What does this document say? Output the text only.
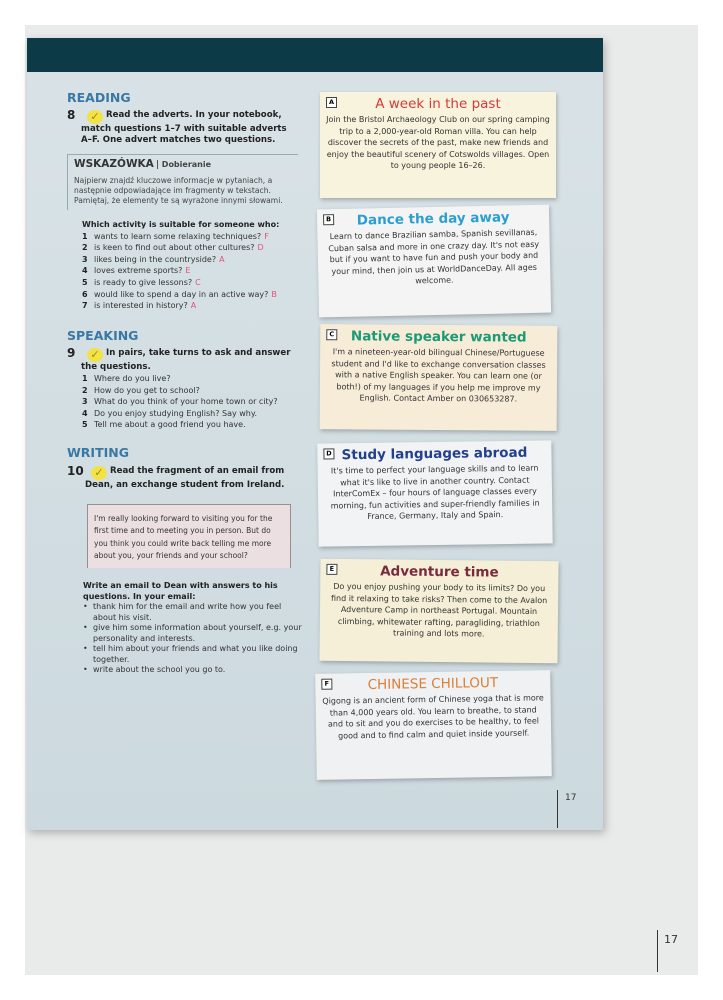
READING
8	✓ Read the adverts. In your notebook, match questions 1–7 with suitable adverts A–F. One advert matches two questions.
WSKAZÓWKA Dobieranie
Najpierw znajdź kluczowe informacje w pytaniach, a następnie odpowiadające im fragmenty w tekstach. Pamiętaj, że elementy te są wyrażone innymi słowami.
Which activity is suitable for someone who:
1 wants to learn some relaxing techniques? F
2 is keen to find out about other cultures? D
3 likes being in the countryside? A
4 loves extreme sports? E
5 is ready to give lessons? C
6 would like to spend a day in an active way? B
7 is interested in history? A
SPEAKING
9	✓ In pairs, take turns to ask and answer the questions.
1 Where do you live?
2 How do you get to school?
3 What do you think of your home town or city?
4 Do you enjoy studying English? Say why.
5 Tell me about a good friend you have.
WRITING
10 ✓ Read the fragment of an email from Dean, an exchange student from Ireland.
I'm really looking forward to visiting you for the first time and to meeting you in person. But do you think you could write back telling me more about you, your friends and your school?
Write an email to Dean with answers to his questions. In your email:
• thank him for the email and write how you feel about his visit.
• give him some information about yourself, e.g. your personality and interests.
• tell him about your friends and what you like doing together.
• write about the school you go to.
A	A week in the past
Join the Bristol Archaeology Club on our spring camping trip to a 2,000-year-old Roman villa. You can help discover the secrets of the past, make new friends and enjoy the beautiful scenery of Cotswolds villages. Open to young people 16–26.
B	Dance the day away
Learn to dance Brazilian samba, Spanish sevillanas, Cuban salsa and more in one crazy day. It's not easy but if you want to have fun and push your body and your mind, then join us at WorldDanceDay. All ages welcome.
C	Native speaker wanted
I'm a nineteen-year-old bilingual Chinese/Portuguese student and I'd like to exchange conversation classes with a native English speaker. You can learn one (or both!) of my languages if you help me improve my English. Contact Amber on 030653287.
D Study languages abroad
It's time to perfect your language skills and to learn what it's like to live in another country. Contact InterComEx – four hours of language classes every morning, fun activities and super-friendly families in France, Germany, Italy and Spain.
E	Adventure time
Do you enjoy pushing your body to its limits? Do you find it relaxing to take risks? Then come to the Avalon Adventure Camp in northeast Portugal. Mountain climbing, whitewater rafting, paragliding, triathlon training and lots more.
F	CHINESE CHILLOUT
Qigong is an ancient form of Chinese yoga that is more than 4,000 years old. You learn to breathe, to stand and to sit and you do exercises to be healthy, to feel good and to find calm and quiet inside yourself.
17
17
